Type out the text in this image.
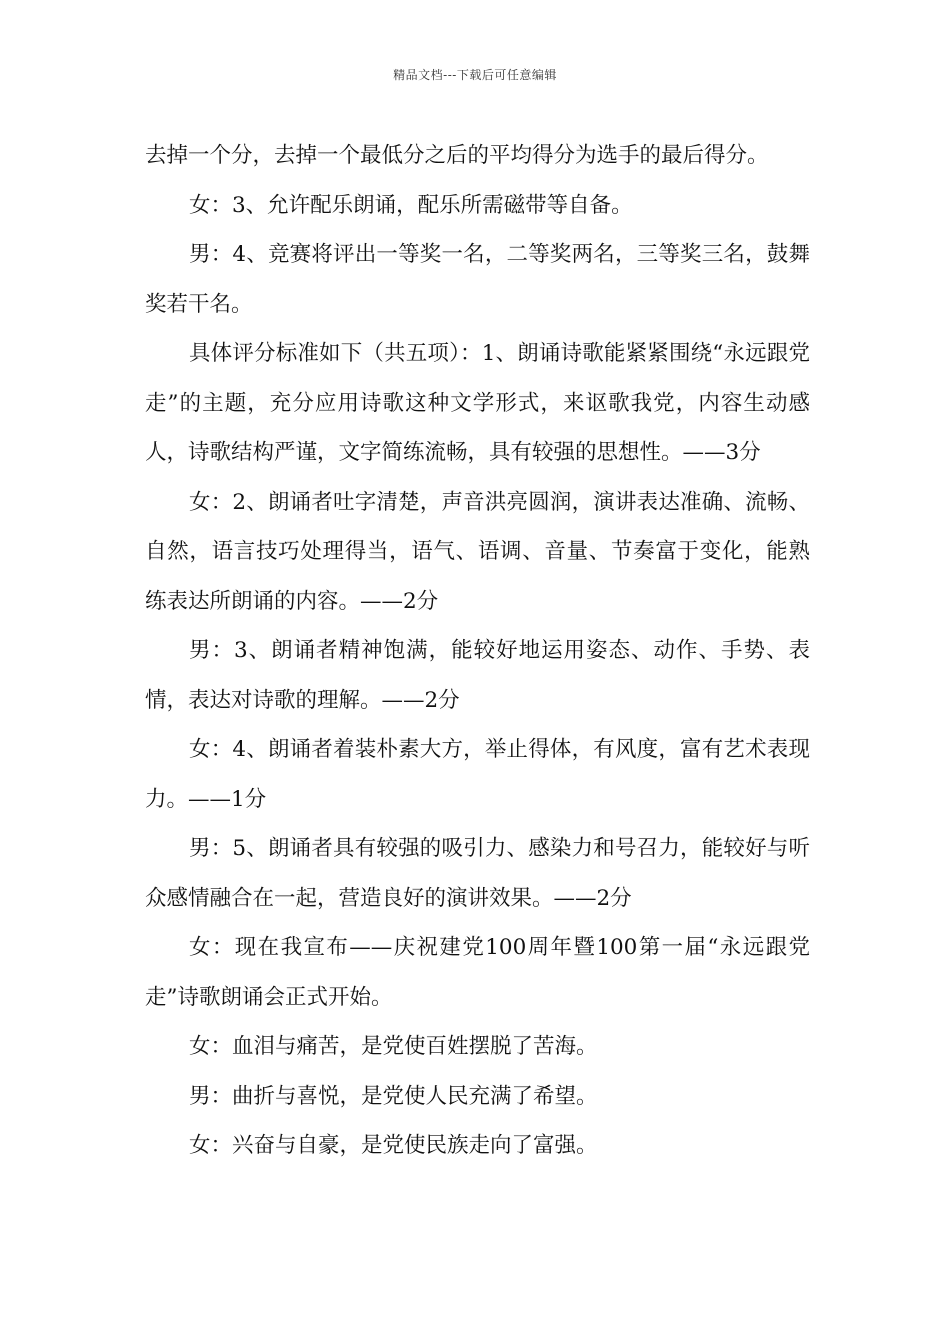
精品文档---下载后可任意编辑

去掉一个分，去掉一个最低分之后的平均得分为选手的最后得分。

女：3、允许配乐朗诵，配乐所需磁带等自备。

男：4、竞赛将评出一等奖一名，二等奖两名，三等奖三名，鼓舞奖若干名。

具体评分标准如下（共五项）：1、朗诵诗歌能紧紧围绕“永远跟党走”的主题，充分应用诗歌这种文学形式，来讴歌我党，内容生动感人，诗歌结构严谨，文字简练流畅，具有较强的思想性。——3分

女：2、朗诵者吐字清楚，声音洪亮圆润，演讲表达准确、流畅、自然，语言技巧处理得当，语气、语调、音量、节奏富于变化，能熟练表达所朗诵的内容。——2分

男：3、朗诵者精神饱满，能较好地运用姿态、动作、手势、表情，表达对诗歌的理解。——2分

女：4、朗诵者着装朴素大方，举止得体，有风度，富有艺术表现力。——1分

男：5、朗诵者具有较强的吸引力、感染力和号召力，能较好与听众感情融合在一起，营造良好的演讲效果。——2分

女：现在我宣布——庆祝建党100周年暨100第一届“永远跟党走”诗歌朗诵会正式开始。

女：血泪与痛苦，是党使百姓摆脱了苦海。

男：曲折与喜悦，是党使人民充满了希望。

女：兴奋与自豪，是党使民族走向了富强。
